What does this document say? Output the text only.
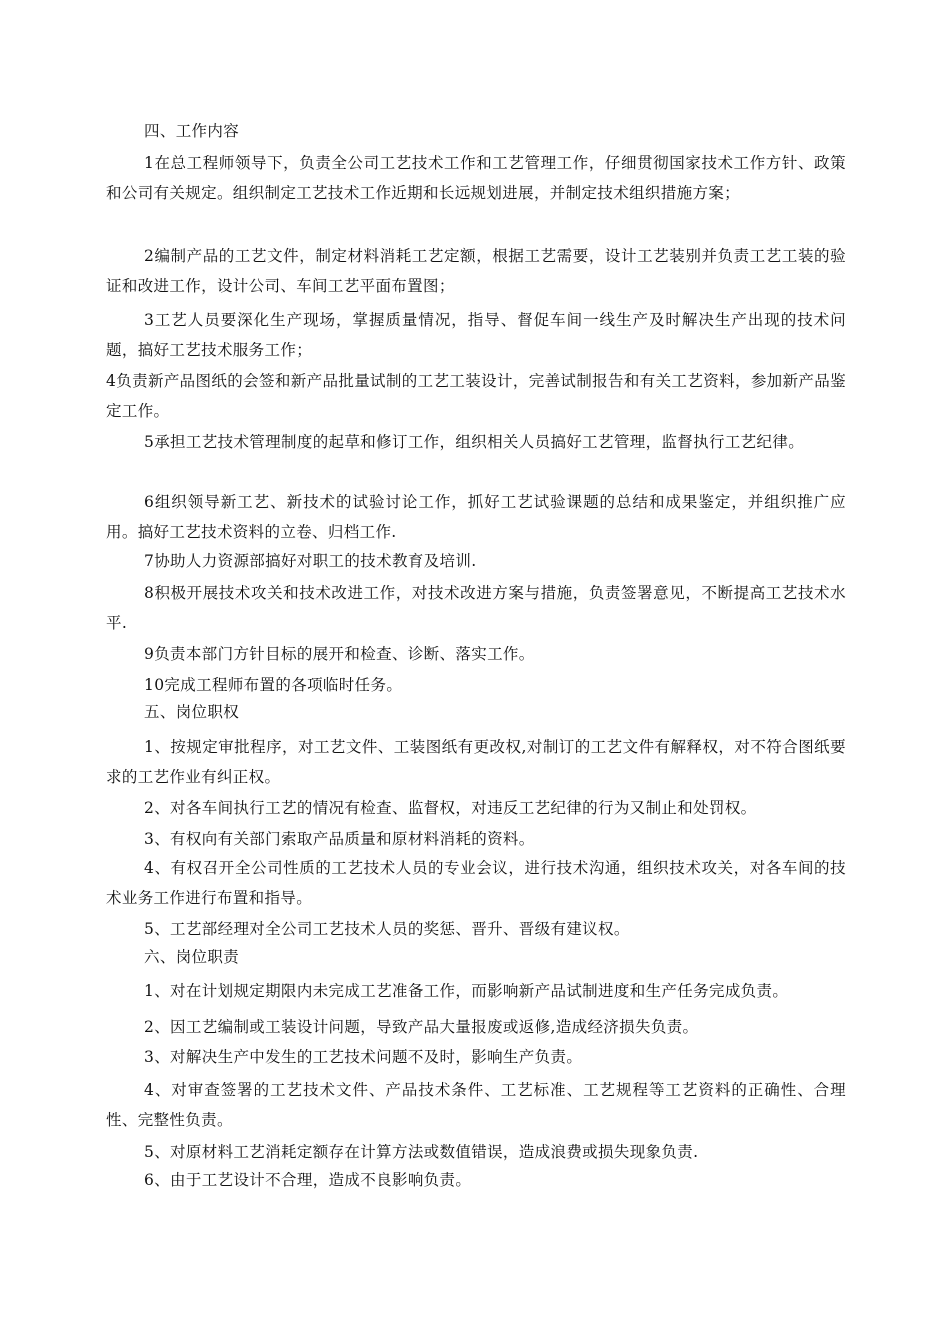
四、工作内容

1在总工程师领导下，负责全公司工艺技术工作和工艺管理工作，仔细贯彻国家技术工作方针、政策和公司有关规定。组织制定工艺技术工作近期和长远规划进展，并制定技术组织措施方案；

2编制产品的工艺文件，制定材料消耗工艺定额，根据工艺需要，设计工艺装别并负责工艺工装的验证和改进工作，设计公司、车间工艺平面布置图；

3工艺人员要深化生产现场，掌握质量情况，指导、督促车间一线生产及时解决生产出现的技术问题，搞好工艺技术服务工作；

4负责新产品图纸的会签和新产品批量试制的工艺工装设计，完善试制报告和有关工艺资料，参加新产品鉴定工作。

5承担工艺技术管理制度的起草和修订工作，组织相关人员搞好工艺管理，监督执行工艺纪律。

6组织领导新工艺、新技术的试验讨论工作，抓好工艺试验课题的总结和成果鉴定，并组织推广应用。搞好工艺技术资料的立卷、归档工作.

7协助人力资源部搞好对职工的技术教育及培训.

8积极开展技术攻关和技术改进工作，对技术改进方案与措施，负责签署意见，不断提高工艺技术水平.

9负责本部门方针目标的展开和检查、诊断、落实工作。

10完成工程师布置的各项临时任务。

五、岗位职权

1、按规定审批程序，对工艺文件、工装图纸有更改权,对制订的工艺文件有解释权，对不符合图纸要求的工艺作业有纠正权。

2、对各车间执行工艺的情况有检查、监督权，对违反工艺纪律的行为又制止和处罚权。

3、有权向有关部门索取产品质量和原材料消耗的资料。

4、有权召开全公司性质的工艺技术人员的专业会议，进行技术沟通，组织技术攻关，对各车间的技术业务工作进行布置和指导。

5、工艺部经理对全公司工艺技术人员的奖惩、晋升、晋级有建议权。

六、岗位职责

1、对在计划规定期限内未完成工艺准备工作，而影响新产品试制进度和生产任务完成负责。

2、因工艺编制或工装设计问题，导致产品大量报废或返修,造成经济损失负责。

3、对解决生产中发生的工艺技术问题不及时，影响生产负责。

4、对审查签署的工艺技术文件、产品技术条件、工艺标准、工艺规程等工艺资料的正确性、合理性、完整性负责。

5、对原材料工艺消耗定额存在计算方法或数值错误，造成浪费或损失现象负责.

6、由于工艺设计不合理，造成不良影响负责。
